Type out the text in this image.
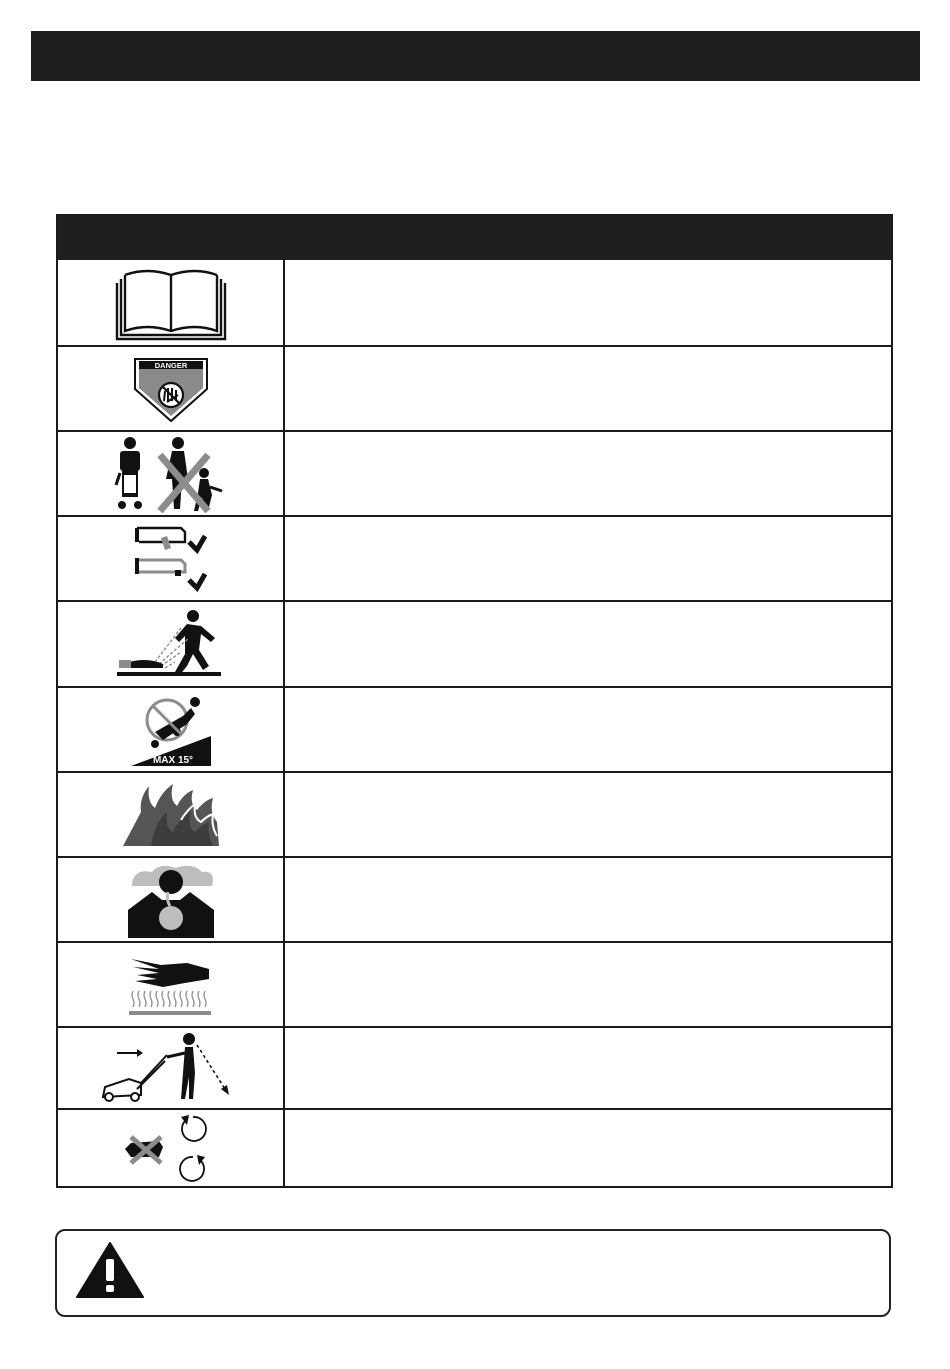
DANGER
MAX 15°
